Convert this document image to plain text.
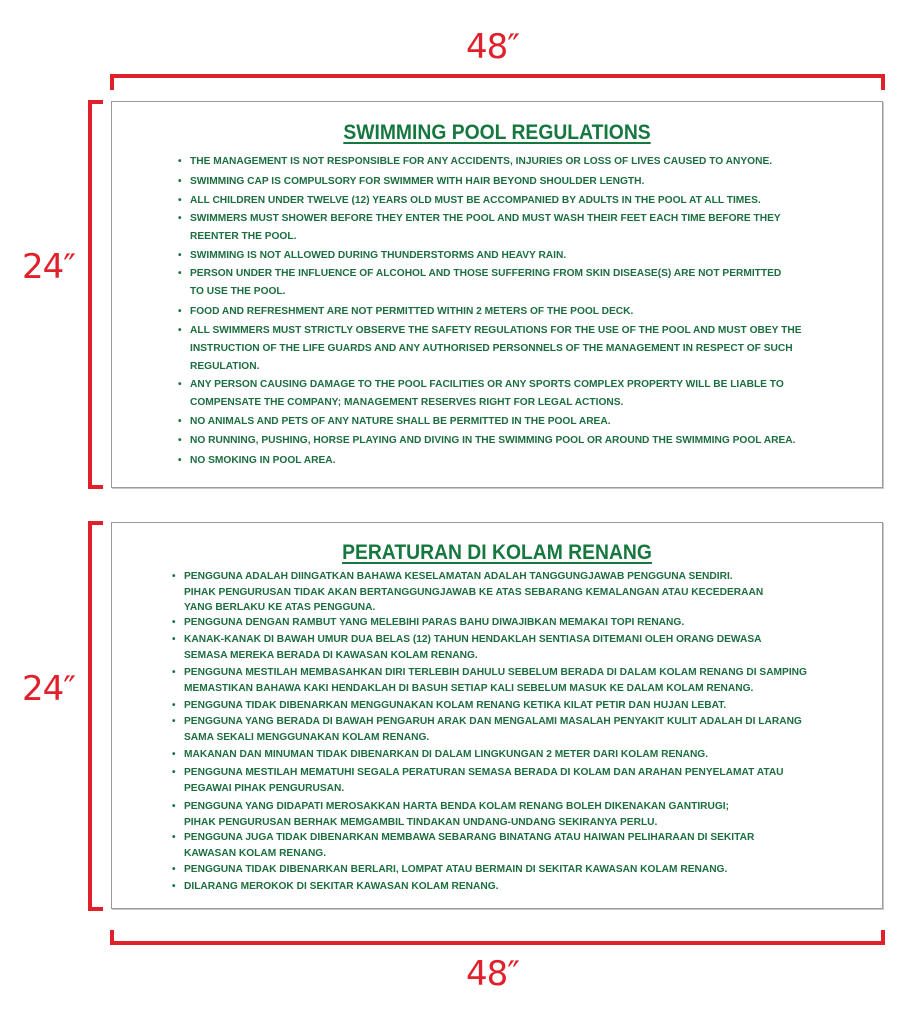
48″
24″
SWIMMING POOL REGULATIONS
• THE MANAGEMENT IS NOT RESPONSIBLE FOR ANY ACCIDENTS, INJURIES OR LOSS OF LIVES CAUSED TO ANYONE.
• SWIMMING CAP IS COMPULSORY FOR SWIMMER WITH HAIR BEYOND SHOULDER LENGTH.
• ALL CHILDREN UNDER TWELVE (12) YEARS OLD MUST BE ACCOMPANIED BY ADULTS IN THE POOL AT ALL TIMES.
• SWIMMERS MUST SHOWER BEFORE THEY ENTER THE POOL AND MUST WASH THEIR FEET EACH TIME BEFORE THEY
REENTER THE POOL.
• SWIMMING IS NOT ALLOWED DURING THUNDERSTORMS AND HEAVY RAIN.
• PERSON UNDER THE INFLUENCE OF ALCOHOL AND THOSE SUFFERING FROM SKIN DISEASE(S) ARE NOT PERMITTED
TO USE THE POOL.
• FOOD AND REFRESHMENT ARE NOT PERMITTED WITHIN 2 METERS OF THE POOL DECK.
• ALL SWIMMERS MUST STRICTLY OBSERVE THE SAFETY REGULATIONS FOR THE USE OF THE POOL AND MUST OBEY THE
INSTRUCTION OF THE LIFE GUARDS AND ANY AUTHORISED PERSONNELS OF THE MANAGEMENT IN RESPECT OF SUCH
REGULATION.
• ANY PERSON CAUSING DAMAGE TO THE POOL FACILITIES OR ANY SPORTS COMPLEX PROPERTY WILL BE LIABLE TO
COMPENSATE THE COMPANY; MANAGEMENT RESERVES RIGHT FOR LEGAL ACTIONS.
• NO ANIMALS AND PETS OF ANY NATURE SHALL BE PERMITTED IN THE POOL AREA.
• NO RUNNING, PUSHING, HORSE PLAYING AND DIVING IN THE SWIMMING POOL OR AROUND THE SWIMMING POOL AREA.
• NO SMOKING IN POOL AREA.
24″
PERATURAN DI KOLAM RENANG
• PENGGUNA ADALAH DIINGATKAN BAHAWA KESELAMATAN ADALAH TANGGUNGJAWAB PENGGUNA SENDIRI.
PIHAK PENGURUSAN TIDAK AKAN BERTANGGUNGJAWAB KE ATAS SEBARANG KEMALANGAN ATAU KECEDERAAN
YANG BERLAKU KE ATAS PENGGUNA.
• PENGGUNA DENGAN RAMBUT YANG MELEBIHI PARAS BAHU DIWAJIBKAN MEMAKAI TOPI RENANG.
• KANAK-KANAK DI BAWAH UMUR DUA BELAS (12) TAHUN HENDAKLAH SENTIASA DITEMANI OLEH ORANG DEWASA
SEMASA MEREKA BERADA DI KAWASAN KOLAM RENANG.
• PENGGUNA MESTILAH MEMBASAHKAN DIRI TERLEBIH DAHULU SEBELUM BERADA DI DALAM KOLAM RENANG DI SAMPING
MEMASTIKAN BAHAWA KAKI HENDAKLAH DI BASUH SETIAP KALI SEBELUM MASUK KE DALAM KOLAM RENANG.
• PENGGUNA TIDAK DIBENARKAN MENGGUNAKAN KOLAM RENANG KETIKA KILAT PETIR DAN HUJAN LEBAT.
• PENGGUNA YANG BERADA DI BAWAH PENGARUH ARAK DAN MENGALAMI MASALAH PENYAKIT KULIT ADALAH DI LARANG
SAMA SEKALI MENGGUNAKAN KOLAM RENANG.
• MAKANAN DAN MINUMAN TIDAK DIBENARKAN DI DALAM LINGKUNGAN 2 METER DARI KOLAM RENANG.
• PENGGUNA MESTILAH MEMATUHI SEGALA PERATURAN SEMASA BERADA DI KOLAM DAN ARAHAN PENYELAMAT ATAU
PEGAWAI PIHAK PENGURUSAN.
• PENGGUNA YANG DIDAPATI MEROSAKKAN HARTA BENDA KOLAM RENANG BOLEH DIKENAKAN GANTIRUGI;
PIHAK PENGURUSAN BERHAK MEMGAMBIL TINDAKAN UNDANG-UNDANG SEKIRANYA PERLU.
• PENGGUNA JUGA TIDAK DIBENARKAN MEMBAWA SEBARANG BINATANG ATAU HAIWAN PELIHARAAN DI SEKITAR
KAWASAN KOLAM RENANG.
• PENGGUNA TIDAK DIBENARKAN BERLARI, LOMPAT ATAU BERMAIN DI SEKITAR KAWASAN KOLAM RENANG.
• DILARANG MEROKOK DI SEKITAR KAWASAN KOLAM RENANG.
48″
